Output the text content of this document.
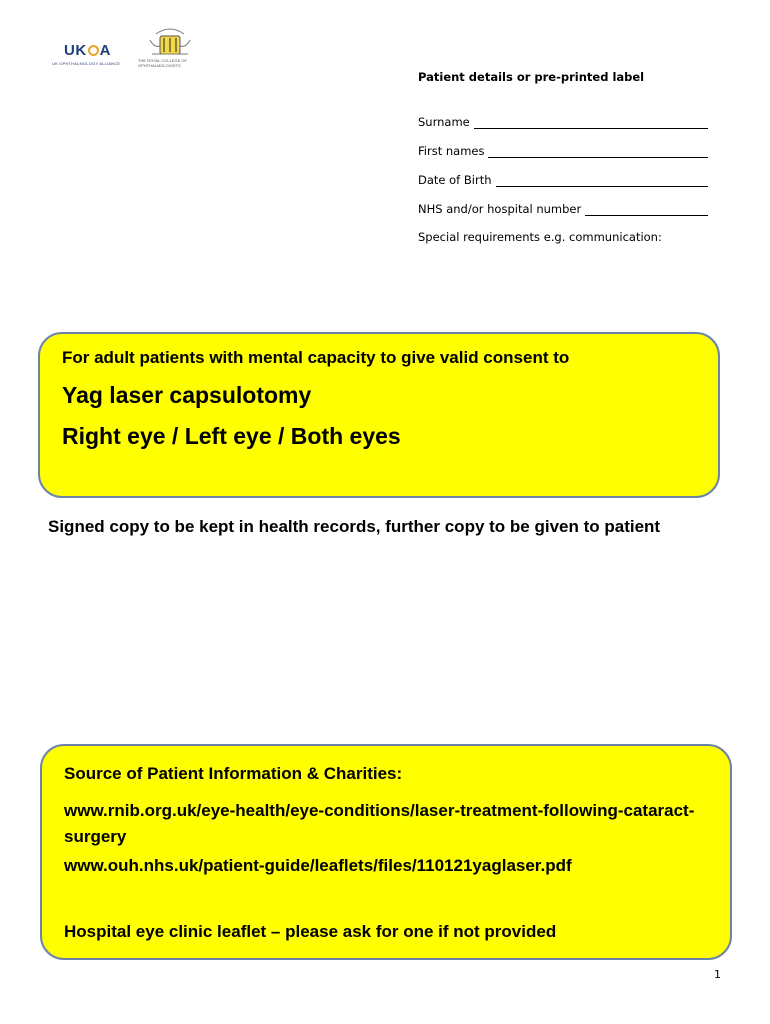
UK A
UK OPHTHALMOLOGY ALLIANCE
THE ROYAL COLLEGE OF
OPHTHALMOLOGISTS
Patient details or pre-printed label
Surname
First names
Date of Birth
NHS and/or hospital number
Special requirements e.g. communication:
For adult patients with mental capacity to give valid consent to
Yag laser capsulotomy
Right eye / Left eye / Both eyes
Signed copy to be kept in health records, further copy to be given to patient
Source of Patient Information & Charities:
www.rnib.org.uk/eye-health/eye-conditions/laser-treatment-following-cataract-surgery
www.ouh.nhs.uk/patient-guide/leaflets/files/110121yaglaser.pdf
Hospital eye clinic leaflet – please ask for one if not provided
1
